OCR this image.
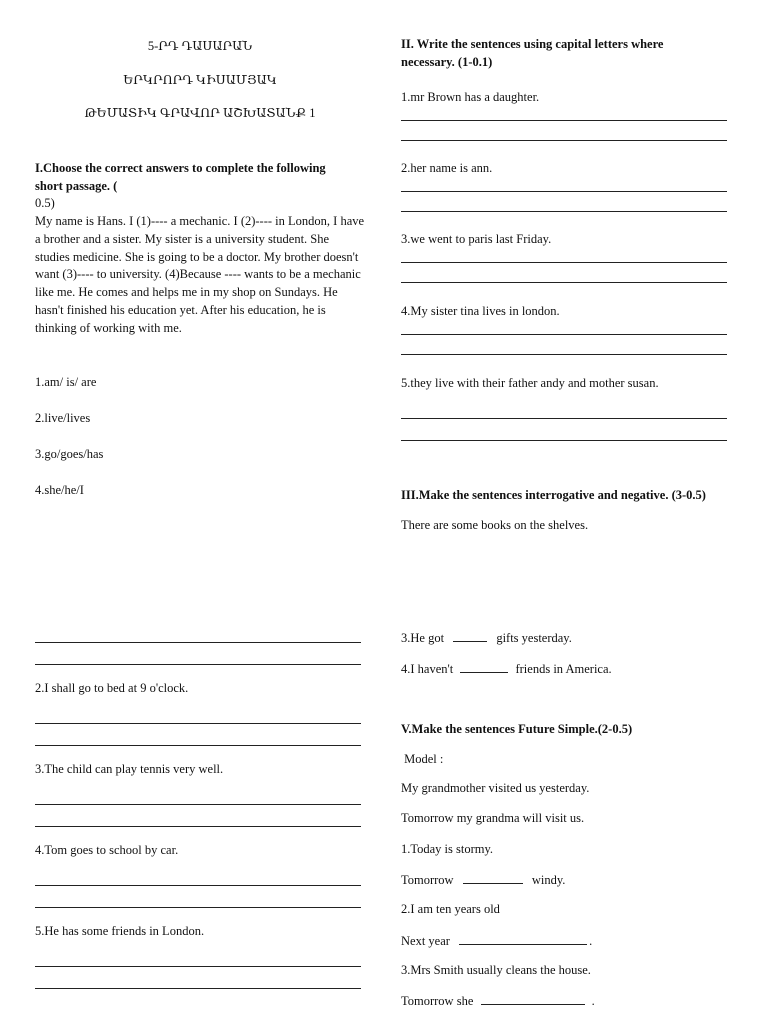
5-ՐԴ ԴԱՍԱՐԱՆ
ԵՐԿՐՈՐԴ ԿԻՍԱՄՅԱԿ
ԹԵՄԱՏԻԿ ԳՐԱՎՈՐ ԱՇԽԱՏԱՆՔ 1
I.Choose the correct answers to complete the following
short passage. (
0.5)
My name is Hans. I (1)---- a mechanic. I (2)---- in London, I have a brother and a sister. My sister is a university student. She studies medicine. She is going to be a doctor. My brother doesn't want (3)---- to university. (4)Because ---- wants to be a mechanic like me. He comes and helps me in my shop on Sundays. He hasn't finished his education yet. After his education, he is thinking of working with me.
1.am/ is/ are
2.live/lives
3.go/goes/has
4.she/he/I
2.I shall go to bed at 9 o'clock.
3.The child can play tennis very well.
4.Tom goes to school by car.
5.He has some friends in London.
II. Write the sentences using capital letters where
necessary. (1-0.1)
1.mr Brown has a daughter.
2.her name is ann.
3.we went to paris last Friday.
4.My sister tina lives in london.
5.they live with their father andy and mother susan.
III.Make the sentences interrogative and negative. (3-0.5)
There are some books on the shelves.
3.He got	gifts yesterday.
4.I haven't	friends in America.
V.Make the sentences Future Simple.(2-0.5)
Model :
My grandmother visited us yesterday.
Tomorrow my grandma will visit us.
1.Today is stormy.
Tomorrow	windy.
2.I am ten years old
Next year	.
3.Mrs Smith usually cleans the house.
Tomorrow she	.
